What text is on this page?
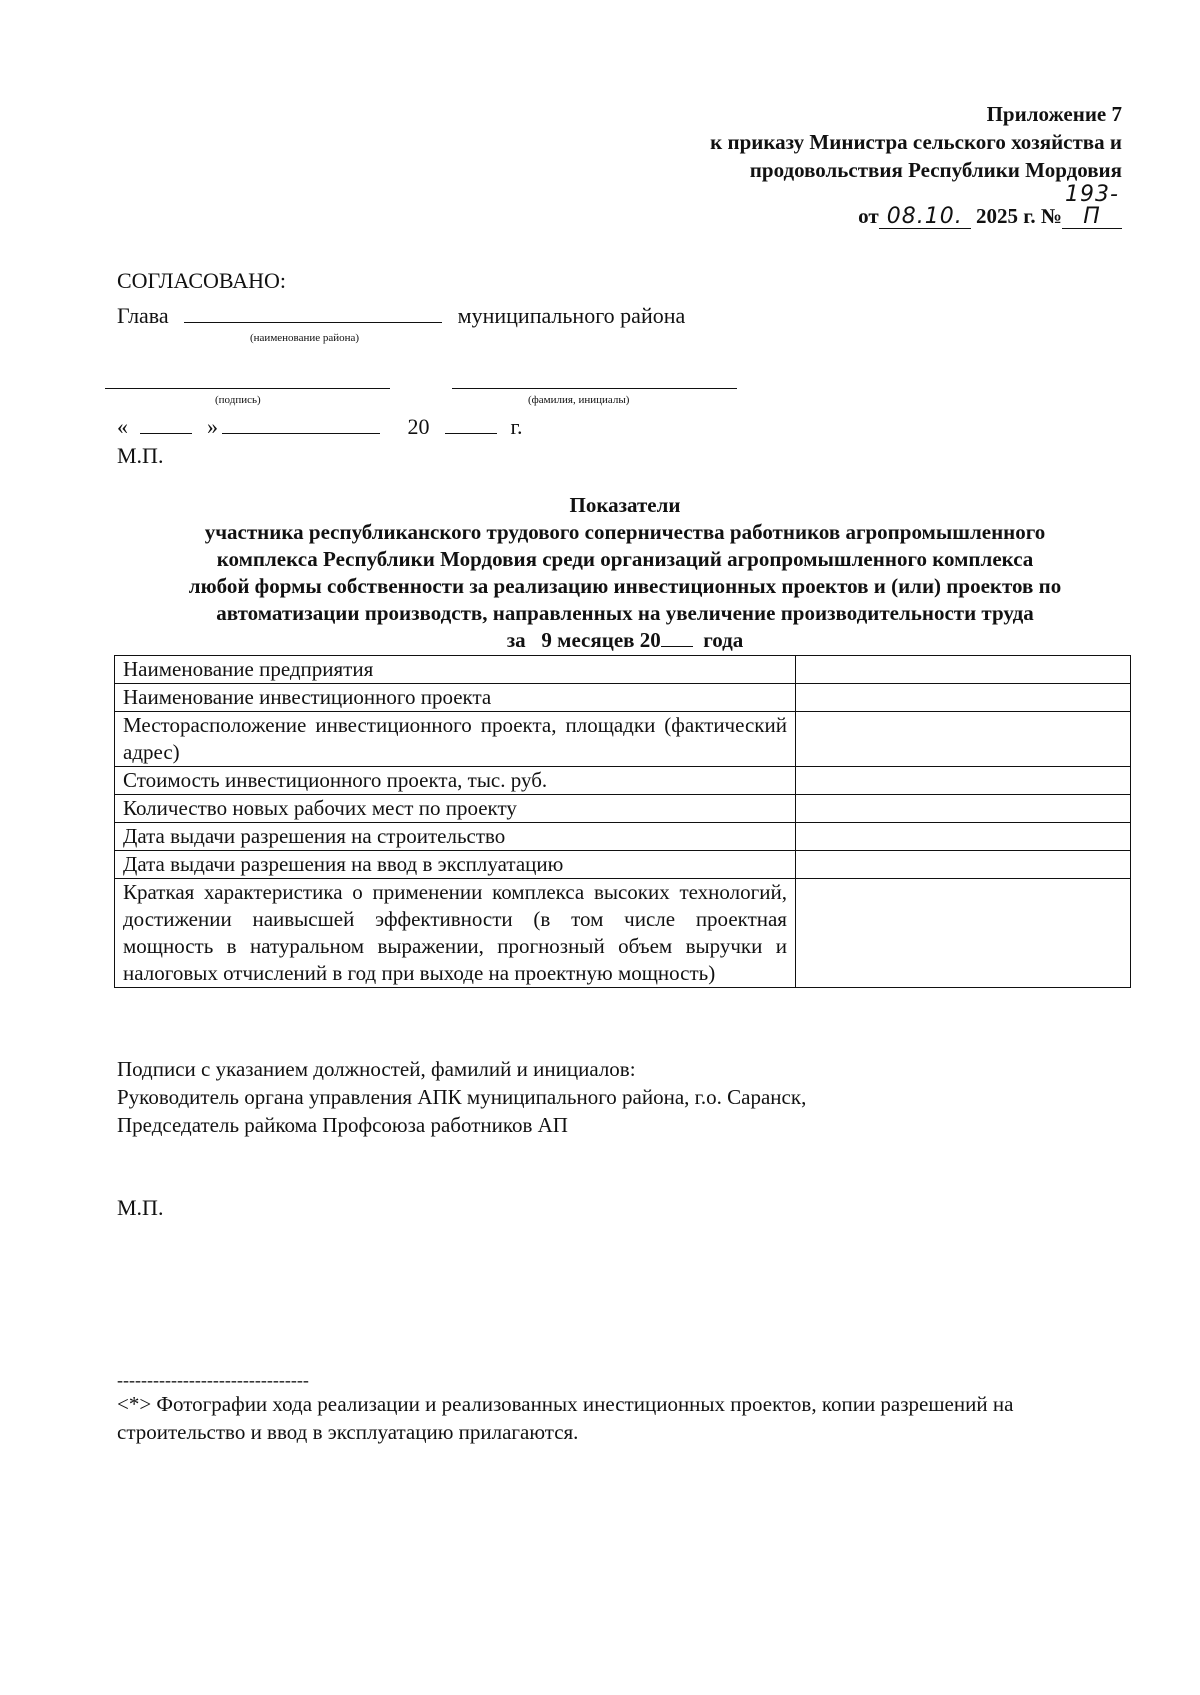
Приложение 7
к приказу Министра сельского хозяйства и
продовольствия Республики Мордовия
от 08.10. 2025 г. №193-П
СОГЛАСОВАНО:
Глава	муниципального района
(наименование района)
(подпись)	(фамилия, инициалы)
«	»	20	г.
М.П.
Показатели
участника республиканского трудового соперничества работников агропромышленного
комплекса Республики Мордовия среди организаций агропромышленного комплекса
любой формы собственности за реализацию инвестиционных проектов и (или) проектов по
автоматизации производств, направленных на увеличение производительности труда
за 9 месяцев 20 года
Наименование предприятия	
Наименование инвестиционного проекта	
Месторасположение инвестиционного проекта, площадки (фактический адрес)	
Стоимость инвестиционного проекта, тыс. руб.	
Количество новых рабочих мест по проекту	
Дата выдачи разрешения на строительство	
Дата выдачи разрешения на ввод в эксплуатацию	
Краткая характеристика о применении комплекса высоких технологий, достижении наивысшей эффективности (в том числе проектная мощность в натуральном выражении, прогнозный объем выручки и налоговых отчислений в год при выходе на проектную мощность)	
Подписи с указанием должностей, фамилий и инициалов:
Руководитель органа управления АПК муниципального района, г.о. Саранск,
Председатель райкома Профсоюза работников АП
М.П.
--------------------------------
<*> Фотографии хода реализации и реализованных инестиционных проектов, копии разрешений на строительство и ввод в эксплуатацию прилагаются.
